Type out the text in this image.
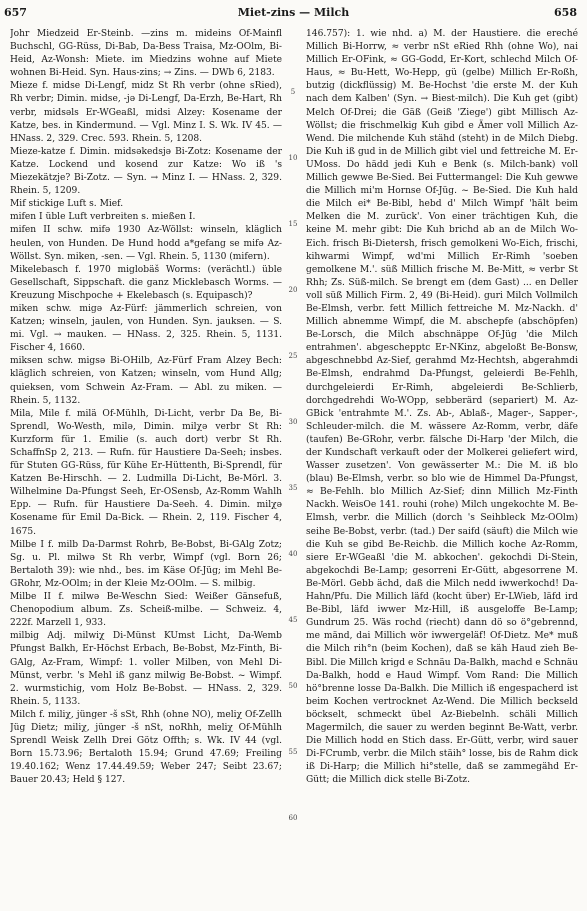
657	Miet-zins — Milch	658

Johr Miedzeid Er-Steinb. —zins m. mideins Of-Mainfl Buchschl, GG-Rüss, Di-Bab, Da-Bess Traisa, Mz-OOlm, Bi-Heid, Az-Wonsh: Miete. im Miedzins wohne auf Miete wohnen Bi-Heid. Syn. Haus-zins; → Zins. — DWb 6, 2183.

Mieze f. midse Di-Lengf, midz St Rh verbr (ohne sRied), Rh verbr; Dimin. midse, -jə Di-Lengf, Da-Erzh, Be-Hart, Rh verbr, midsəls Er-WGeaßl, midsi Alzey: Kosename der Katze, bes. in Kindermund. — Vgl. Minz I. S. Wk. IV 45. — HNass. 2, 329. Crec. 593. Rhein. 5, 1208.

Mieze-katze f. Dimin. midsəkedsjə Bi-Zotz: Kosename der Katze. Lockend und kosend zur Katze: Wo iß 's Miezekätzje? Bi-Zotz. — Syn. → Minz I. — HNass. 2, 329. Rhein. 5, 1209.

Mif stickige Luft s. Mief.

mifen I üble Luft verbreiten s. mießen I.

mifen II schw. mifə 1930 Az-Wöllst: winseln, kläglich heulen, von Hunden. De Hund hodd a*gefang se mifə Az-Wöllst. Syn. miken, -sen. — Vgl. Rhein. 5, 1130 (mifern).

Mikelebasch f. 1970 miglobäš Worms: (verächtl.) üble Gesellschaft, Sippschaft. die ganz Micklebasch Worms. — Kreuzung Mischpoche + Ekelebasch (s. Equipasch)?

miken schw. migə Az-Fürf: jämmerlich schreien, von Katzen; winseln, jaulen, von Hunden. Syn. jauksen. — S. mi. Vgl. → mauken. — HNass. 2, 325. Rhein. 5, 1131. Fischer 4, 1660.

miksen schw. migsə Bi-OHilb, Az-Fürf Fram Alzey Bech: kläglich schreien, von Katzen; winseln, vom Hund Allg; quieksen, vom Schwein Az-Fram. — Abl. zu miken. — Rhein. 5, 1132.

Mila, Mile f. milä Of-Mühlh, Di-Licht, verbr Da Be, Bi-Sprendl, Wo-Westh, milə, Dimin. milχə verbr St Rh: Kurzform für 1. Emilie (s. auch dort) verbr St Rh. SchaffnSp 2, 213. — Rufn. für Haustiere Da-Seeh; insbes. für Stuten GG-Rüss, für Kühe Er-Hüttenth, Bi-Sprendl, für Katzen Be-Hirschh. — 2. Ludmilla Di-Licht, Be-Mörl. 3. Wilhelmine Da-Pfungst Seeh, Er-OSensb, Az-Romm Wahlh Epp. — Rufn. für Haustiere Da-Seeh. 4. Dimin. milχə Kosename für Emil Da-Bick. — Rhein. 2, 119. Fischer 4, 1675.

Milbe I f. milb Da-Darmst Rohrb, Be-Bobst, Bi-GAlg Zotz; Sg. u. Pl. milwə St Rh verbr, Wimpf (vgl. Born 26; Bertaloth 39): wie nhd., bes. im Käse Of-Jüg; im Mehl Be-GRohr, Mz-OOlm; in der Kleie Mz-OOlm. — S. milbig.

Milbe II f. milwə Be-Weschn Sied: Weißer Gänsefuß, Chenopodium album. Zs. Scheiß-milbe. — Schweiz. 4, 222f. Marzell 1, 933.

milbig Adj. milwiχ Di-Münst KUmst Licht, Da-Wemb Pfungst Balkh, Er-Höchst Erbach, Be-Bobst, Mz-Finth, Bi-GAlg, Az-Fram, Wimpf: 1. voller Milben, von Mehl Di-Münst, verbr. 's Mehl iß ganz milwig Be-Bobst. ~ Wimpf. 2. wurmstichig, vom Holz Be-Bobst. — HNass. 2, 329. Rhein. 5, 1133.

Milch f. miliχ, jünger -š sSt, Rhh (ohne NO), meliχ Of-Zellh Jüg Dietz; miliχ, jünger -š nSt, noRhh, meliχ Of-Mühlh Sprendl Weisk Zellh Drei Götz Offth; s. Wk. IV 44 (vgl. Born 15.73.96; Bertaloth 15.94; Grund 47.69; Freiling 19.40.162; Wenz 17.44.49.59; Weber 247; Seibt 23.67; Bauer 20.43; Held § 127.

5
10
15
20
25
30
35
40
45
50
55
60

146.757): 1. wie nhd. a) M. der Haustiere. die ereché Millich Bi-Horrw, ≈ verbr nSt eRied Rhh (ohne Wo), nai Millich Er-OFink, ≈ GG-Godd, Er-Kort, schlechd Milch Of-Haus, ≈ Bu-Hett, Wo-Hepp, gü (gelbe) Millich Er-Roßh, butzig (dickflüssig) M. Be-Hochst 'die erste M. der Kuh nach dem Kalben' (Syn. → Biest-milch). Die Kuh get (gibt) Melch Of-Drei; die Gäß (Geiß 'Ziege') gibt Millisch Az-Wöllst; die frischmelkig Kuh gibd e Ämer voll Millich Az-Wend. Die milchende Kuh stähd (steht) in de Milch Diebg. Die Kuh iß gud in de Millich gibt viel und fettreiche M. Er-UMoss. Do hädd jedi Kuh e Benk (s. Milch-bank) voll Millich gewwe Be-Sied. Bei Futtermangel: Die Kuh gewwe die Millich mi'm Hornse Of-Jüg. ~ Be-Sied. Die Kuh hald die Milch ei* Be-Bibl, hebd d' Milch Wimpf 'hält beim Melken die M. zurück'. Von einer trächtigen Kuh, die keine M. mehr gibt: Die Kuh brichd ab an de Milch Wo-Eich. frisch Bi-Dietersh, frisch gemolkeni Wo-Eich, frischi, kihwarmi Wimpf, wd'mi Millich Er-Rimh 'soeben gemolkene M.'. süß Millich frische M. Be-Mitt, ≈ verbr St Rhh; Zs. Süß-milch. Se brengt em (dem Gast) ... en Deller voll süß Millich Firm. 2, 49 (Bi-Heid). guri Milch Vollmilch Be-Elmsh, verbr. fett Millich fettreiche M. Mz-Nackh. d' Millich abnemme Wimpf, die M. abschepfe (abschöpfen) Be-Lorsch, die Milch abschnäppe Of-Jüg 'die Milch entrahmen'. abgeschepptc Er-NKinz, abgeloßt Be-Bonsw, abgeschnebbd Az-Sief, gerahmd Mz-Hechtsh, abgerahmdi Be-Elmsh, endrahmd Da-Pfungst, geleierdi Be-Fehlh, durchgeleierdi Er-Rimh, abgeleierdi Be-Schlierb, dorchgedrehdi Wo-WOpp, sebberärd (separiert) M. Az-GBick 'entrahmte M.'. Zs. Ab-, Ablaß-, Mager-, Sapper-, Schleuder-milch. die M. wässere Az-Romm, verbr, däfe (taufen) Be-GRohr, verbr. fälsche Di-Harp 'der Milch, die der Kundschaft verkauft oder der Molkerei geliefert wird, Wasser zusetzen'. Von gewässerter M.: Die M. iß blo (blau) Be-Elmsh, verbr. so blo wie de Himmel Da-Pfungst, ≈ Be-Fehlh. blo Millich Az-Sief; dinn Millich Mz-Finth Nackh. WeisOe 141. rouhi (rohe) Milch ungekochte M. Be-Elmsh, verbr. die Millich (dorch 's Seihbleck Mz-OOlm) seihe Be-Bobst, verbr. (tad.) Der saifd (säuft) die Milch wie die Kuh se gibd Be-Reichb. die Millich koche Az-Romm, siere Er-WGeaßl 'die M. abkochen'. gekochdi Di-Stein, abgekochdi Be-Lamp; gesorreni Er-Gütt, abgesorrene M. Be-Mörl. Gebb ächd, daß die Milch nedd iwwerkochd! Da-Hahn/Pfu. Die Millich läfd (kocht über) Er-LWieb, läfd ird Be-Bibl, läfd iwwer Mz-Hill, iß ausgeloffe Be-Lamp; Gundrum 25. Wäs rochd (riecht) dann dö so ö°gebrennd, me mänd, dai Millich wör iwwergeläf! Of-Dietz. Me* muß die Milch rih°n (beim Kochen), daß se käh Haud zieh Be-Bibl. Die Millch krigd e Schnäu Da-Balkh, machd e Schnäu Da-Balkh, hodd e Haud Wimpf. Vom Rand: Die Millich hö°brenne losse Da-Balkh. Die Millich iß engespacherd ist beim Kochen vertrocknet Az-Wend. Die Millich beckseld böckselt, schmeckt übel Az-Biebelnh. schäli Millich Magermilch, die sauer zu werden beginnt Be-Watt, verbr. Die Millich hodd en Stich dass. Er-Gütt, verbr, wird sauer Di-FCrumb, verbr. die Milch stäih° losse, bis de Rahm dick iß Di-Harp; die Millich hi°stelle, daß se zammegähd Er-Gütt; die Millich dick stelle Bi-Zotz.
